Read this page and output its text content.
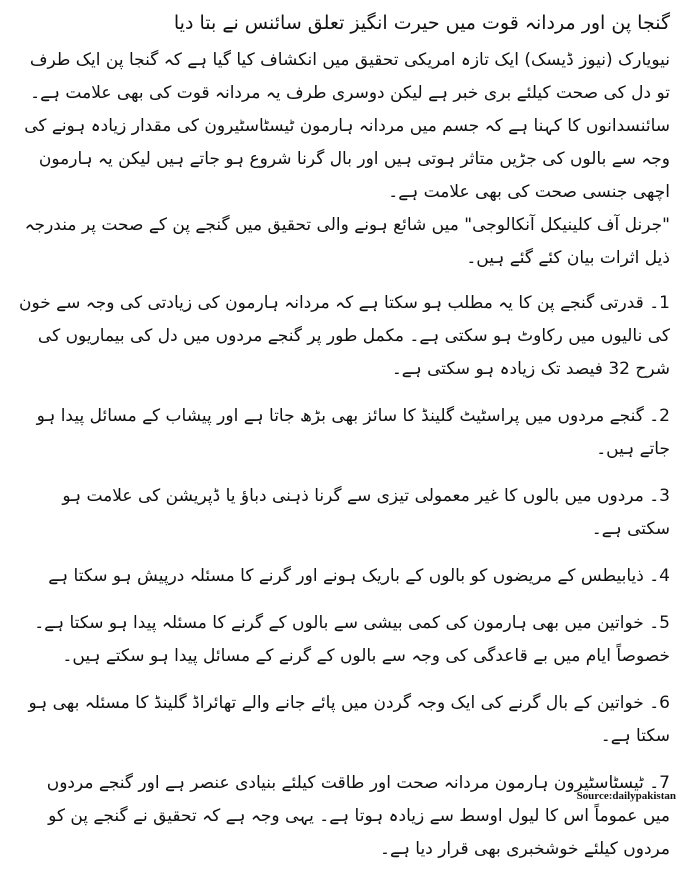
گنجا پن اور مردانہ قوت میں حیرت انگیز تعلق سائنس نے بتا دیا

نیویارک (نیوز ڈیسک) ایک تازہ امریکی تحقیق میں انکشاف کیا گیا ہے کہ گنجا پن ایک طرف تو دل کی صحت کیلئے بری خبر ہے لیکن دوسری طرف یہ مردانہ قوت کی بھی علامت ہے۔ سائنسدانوں کا کہنا ہے کہ جسم میں مردانہ ہارمون ٹیسٹاسٹیرون کی مقدار زیادہ ہونے کی وجہ سے بالوں کی جڑیں متاثر ہوتی ہیں اور بال گرنا شروع ہو جاتے ہیں لیکن یہ ہارمون اچھی جنسی صحت کی بھی علامت ہے۔

"جرنل آف کلینیکل آنکالوجی" میں شائع ہونے والی تحقیق میں گنجے پن کے صحت پر مندرجہ ذیل اثرات بیان کئے گئے ہیں۔

1۔ قدرتی گنجے پن کا یہ مطلب ہو سکتا ہے کہ مردانہ ہارمون کی زیادتی کی وجہ سے خون کی نالیوں میں رکاوٹ ہو سکتی ہے۔ مکمل طور پر گنجے مردوں میں دل کی بیماریوں کی شرح 32 فیصد تک زیادہ ہو سکتی ہے۔

2۔ گنجے مردوں میں پراسٹیٹ گلینڈ کا سائز بھی بڑھ جاتا ہے اور پیشاب کے مسائل پیدا ہو جاتے ہیں۔

3۔ مردوں میں بالوں کا غیر معمولی تیزی سے گرنا ذہنی دباؤ یا ڈپریشن کی علامت ہو سکتی ہے۔

4۔ ذیابیطس کے مریضوں کو بالوں کے باریک ہونے اور گرنے کا مسئلہ درپیش ہو سکتا ہے

5۔ خواتین میں بھی ہارمون کی کمی بیشی سے بالوں کے گرنے کا مسئلہ پیدا ہو سکتا ہے۔ خصوصاً ایام میں بے قاعدگی کی وجہ سے بالوں کے گرنے کے مسائل پیدا ہو سکتے ہیں۔

6۔ خواتین کے بال گرنے کی ایک وجہ گردن میں پائے جانے والے تھائراڈ گلینڈ کا مسئلہ بھی ہو سکتا ہے۔

7۔ ٹیسٹاسٹیرون ہارمون مردانہ صحت اور طاقت کیلئے بنیادی عنصر ہے اور گنجے مردوں میں عموماً اس کا لیول اوسط سے زیادہ ہوتا ہے۔ یہی وجہ ہے کہ تحقیق نے گنجے پن کو مردوں کیلئے خوشخبری بھی قرار دیا ہے۔

Source:dailypakistan
